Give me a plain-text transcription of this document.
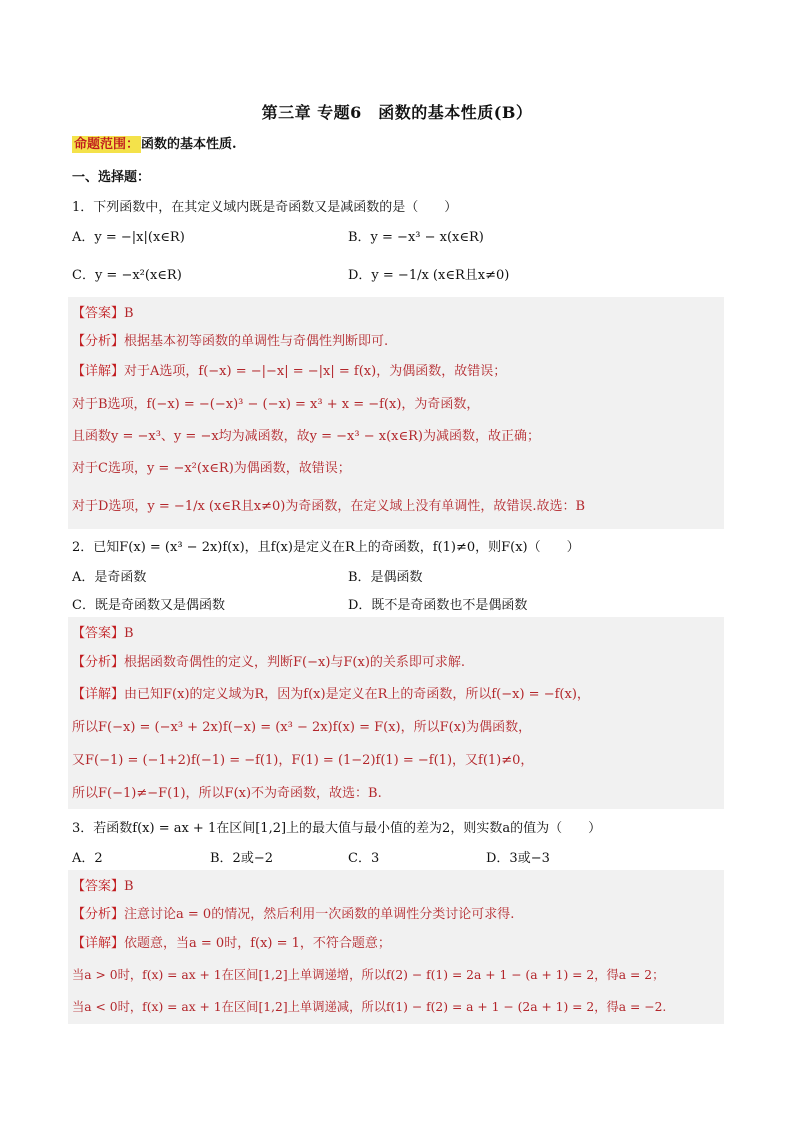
第三章 专题6　函数的基本性质(B）
命题范围： 函数的基本性质.
一、选择题：
1．下列函数中，在其定义域内既是奇函数又是减函数的是（　　）
A．y = −|x|(x∈R)	B．y = −x³ − x(x∈R)
C．y = −x²(x∈R)	D．y = −1/x (x∈R且x≠0)
【答案】B
【分析】根据基本初等函数的单调性与奇偶性判断即可.
【详解】对于A选项，f(−x) = −|−x| = −|x| = f(x)，为偶函数，故错误；
对于B选项，f(−x) = −(−x)³ − (−x) = x³ + x = −f(x)，为奇函数，
且函数y = −x³、y = −x均为减函数，故y = −x³ − x(x∈R)为减函数，故正确；
对于C选项，y = −x²(x∈R)为偶函数，故错误；
对于D选项，y = −1/x (x∈R且x≠0)为奇函数，在定义域上没有单调性，故错误.故选：B
2．已知F(x) = (x³ − 2x)f(x)，且f(x)是定义在R上的奇函数，f(1)≠0，则F(x)（　　）
A．是奇函数	B．是偶函数
C．既是奇函数又是偶函数	D．既不是奇函数也不是偶函数
【答案】B
【分析】根据函数奇偶性的定义，判断F(−x)与F(x)的关系即可求解.
【详解】由已知F(x)的定义域为R，因为f(x)是定义在R上的奇函数，所以f(−x) = −f(x)，
所以F(−x) = (−x³ + 2x)f(−x) = (x³ − 2x)f(x) = F(x)，所以F(x)为偶函数，
又F(−1) = (−1+2)f(−1) = −f(1)，F(1) = (1−2)f(1) = −f(1)，又f(1)≠0，
所以F(−1)≠−F(1)，所以F(x)不为奇函数，故选：B.
3．若函数f(x) = ax + 1在区间[1,2]上的最大值与最小值的差为2，则实数a的值为（　　）
A．2	B．2或−2	C．3	D．3或−3
【答案】B
【分析】注意讨论a = 0的情况，然后利用一次函数的单调性分类讨论可求得.
【详解】依题意，当a = 0时，f(x) = 1，不符合题意；
当a > 0时，f(x) = ax + 1在区间[1,2]上单调递增，所以f(2) − f(1) = 2a + 1 − (a + 1) = 2，得a = 2；
当a < 0时，f(x) = ax + 1在区间[1,2]上单调递减，所以f(1) − f(2) = a + 1 − (2a + 1) = 2，得a = −2.
